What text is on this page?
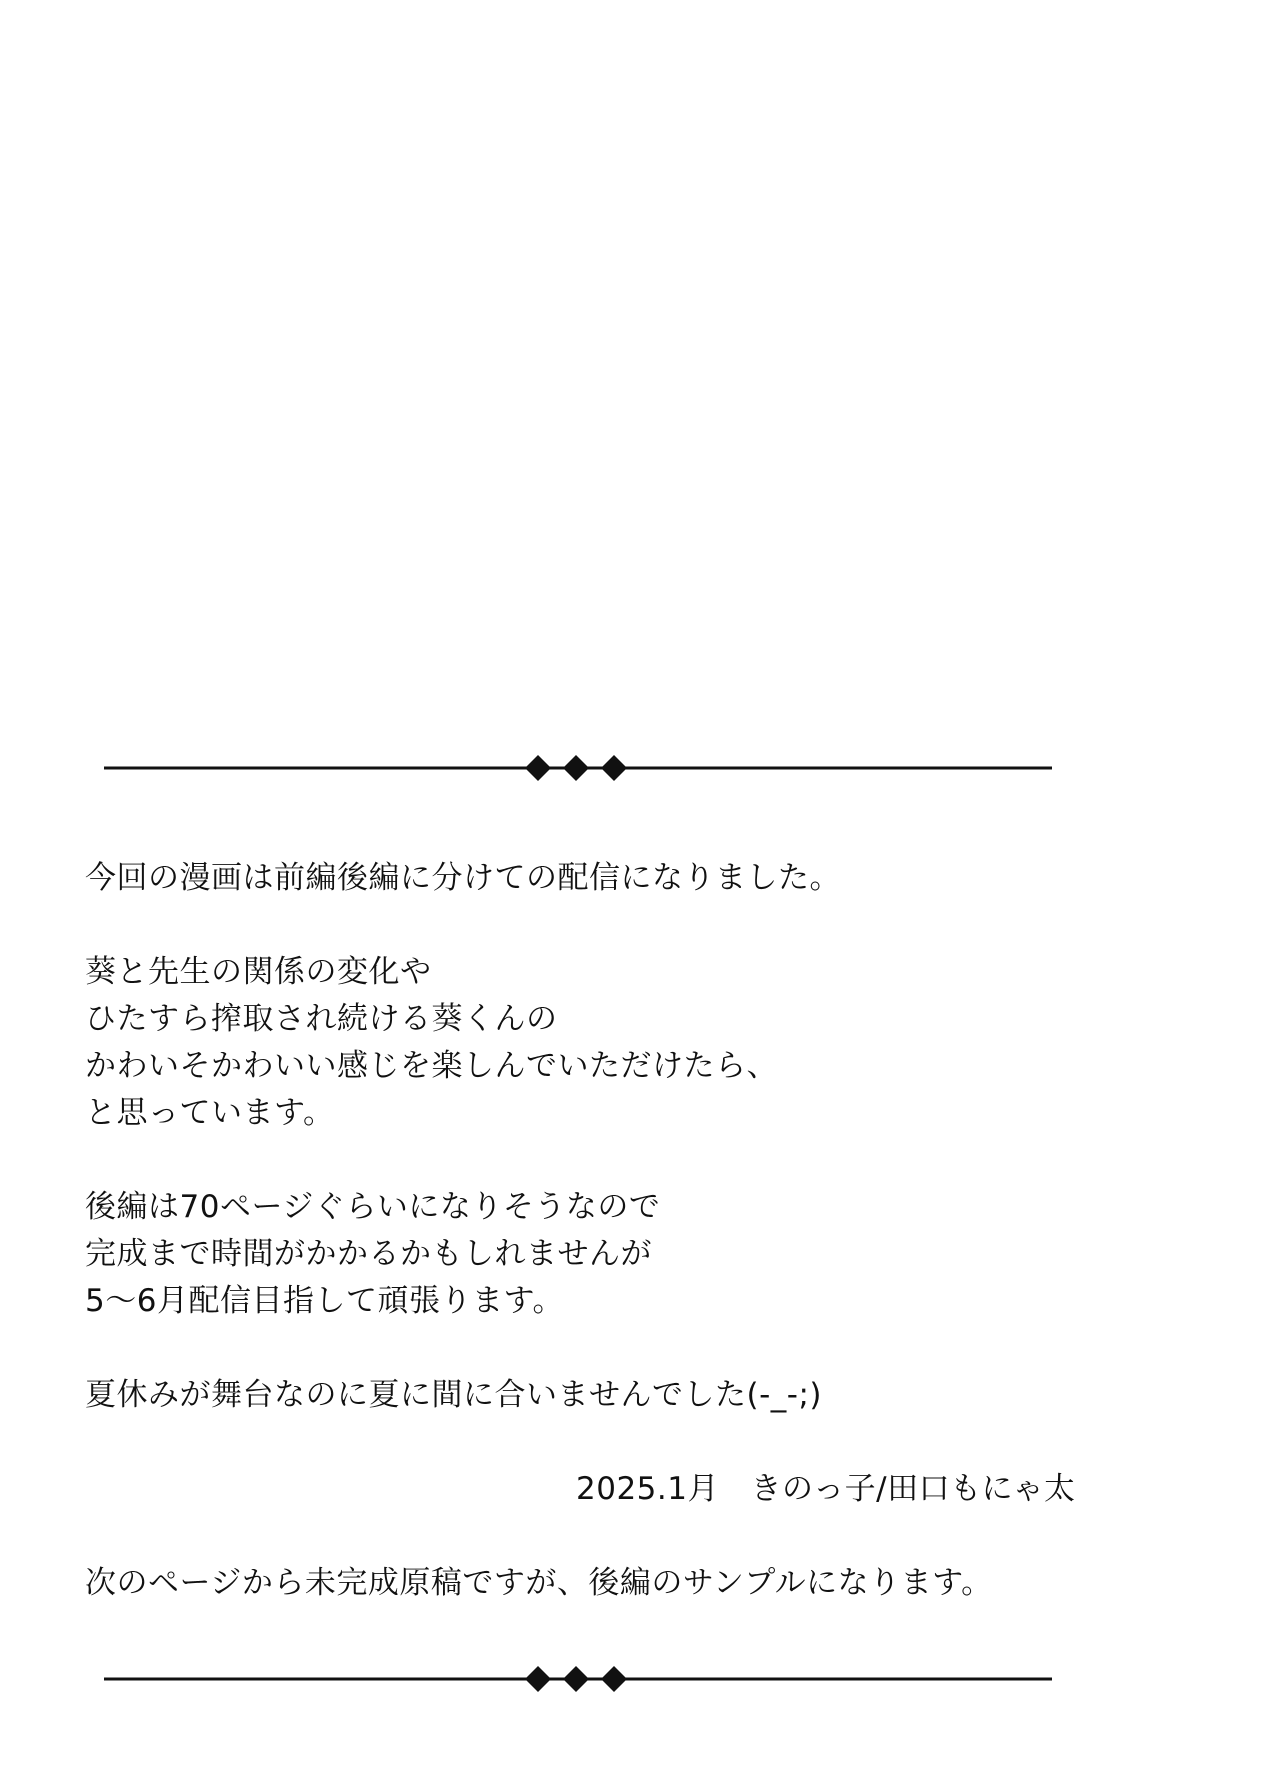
今回の漫画は前編後編に分けての配信になりました。
葵と先生の関係の変化や
ひたすら搾取され続ける葵くんの
かわいそかわいい感じを楽しんでいただけたら、
と思っています。
後編は70ページぐらいになりそうなので
完成まで時間がかかるかもしれませんが
5〜6月配信目指して頑張ります。
夏休みが舞台なのに夏に間に合いませんでした(-_-;)
2025.1月　きのっ子/田口もにゃ太
次のページから未完成原稿ですが、後編のサンプルになります。
